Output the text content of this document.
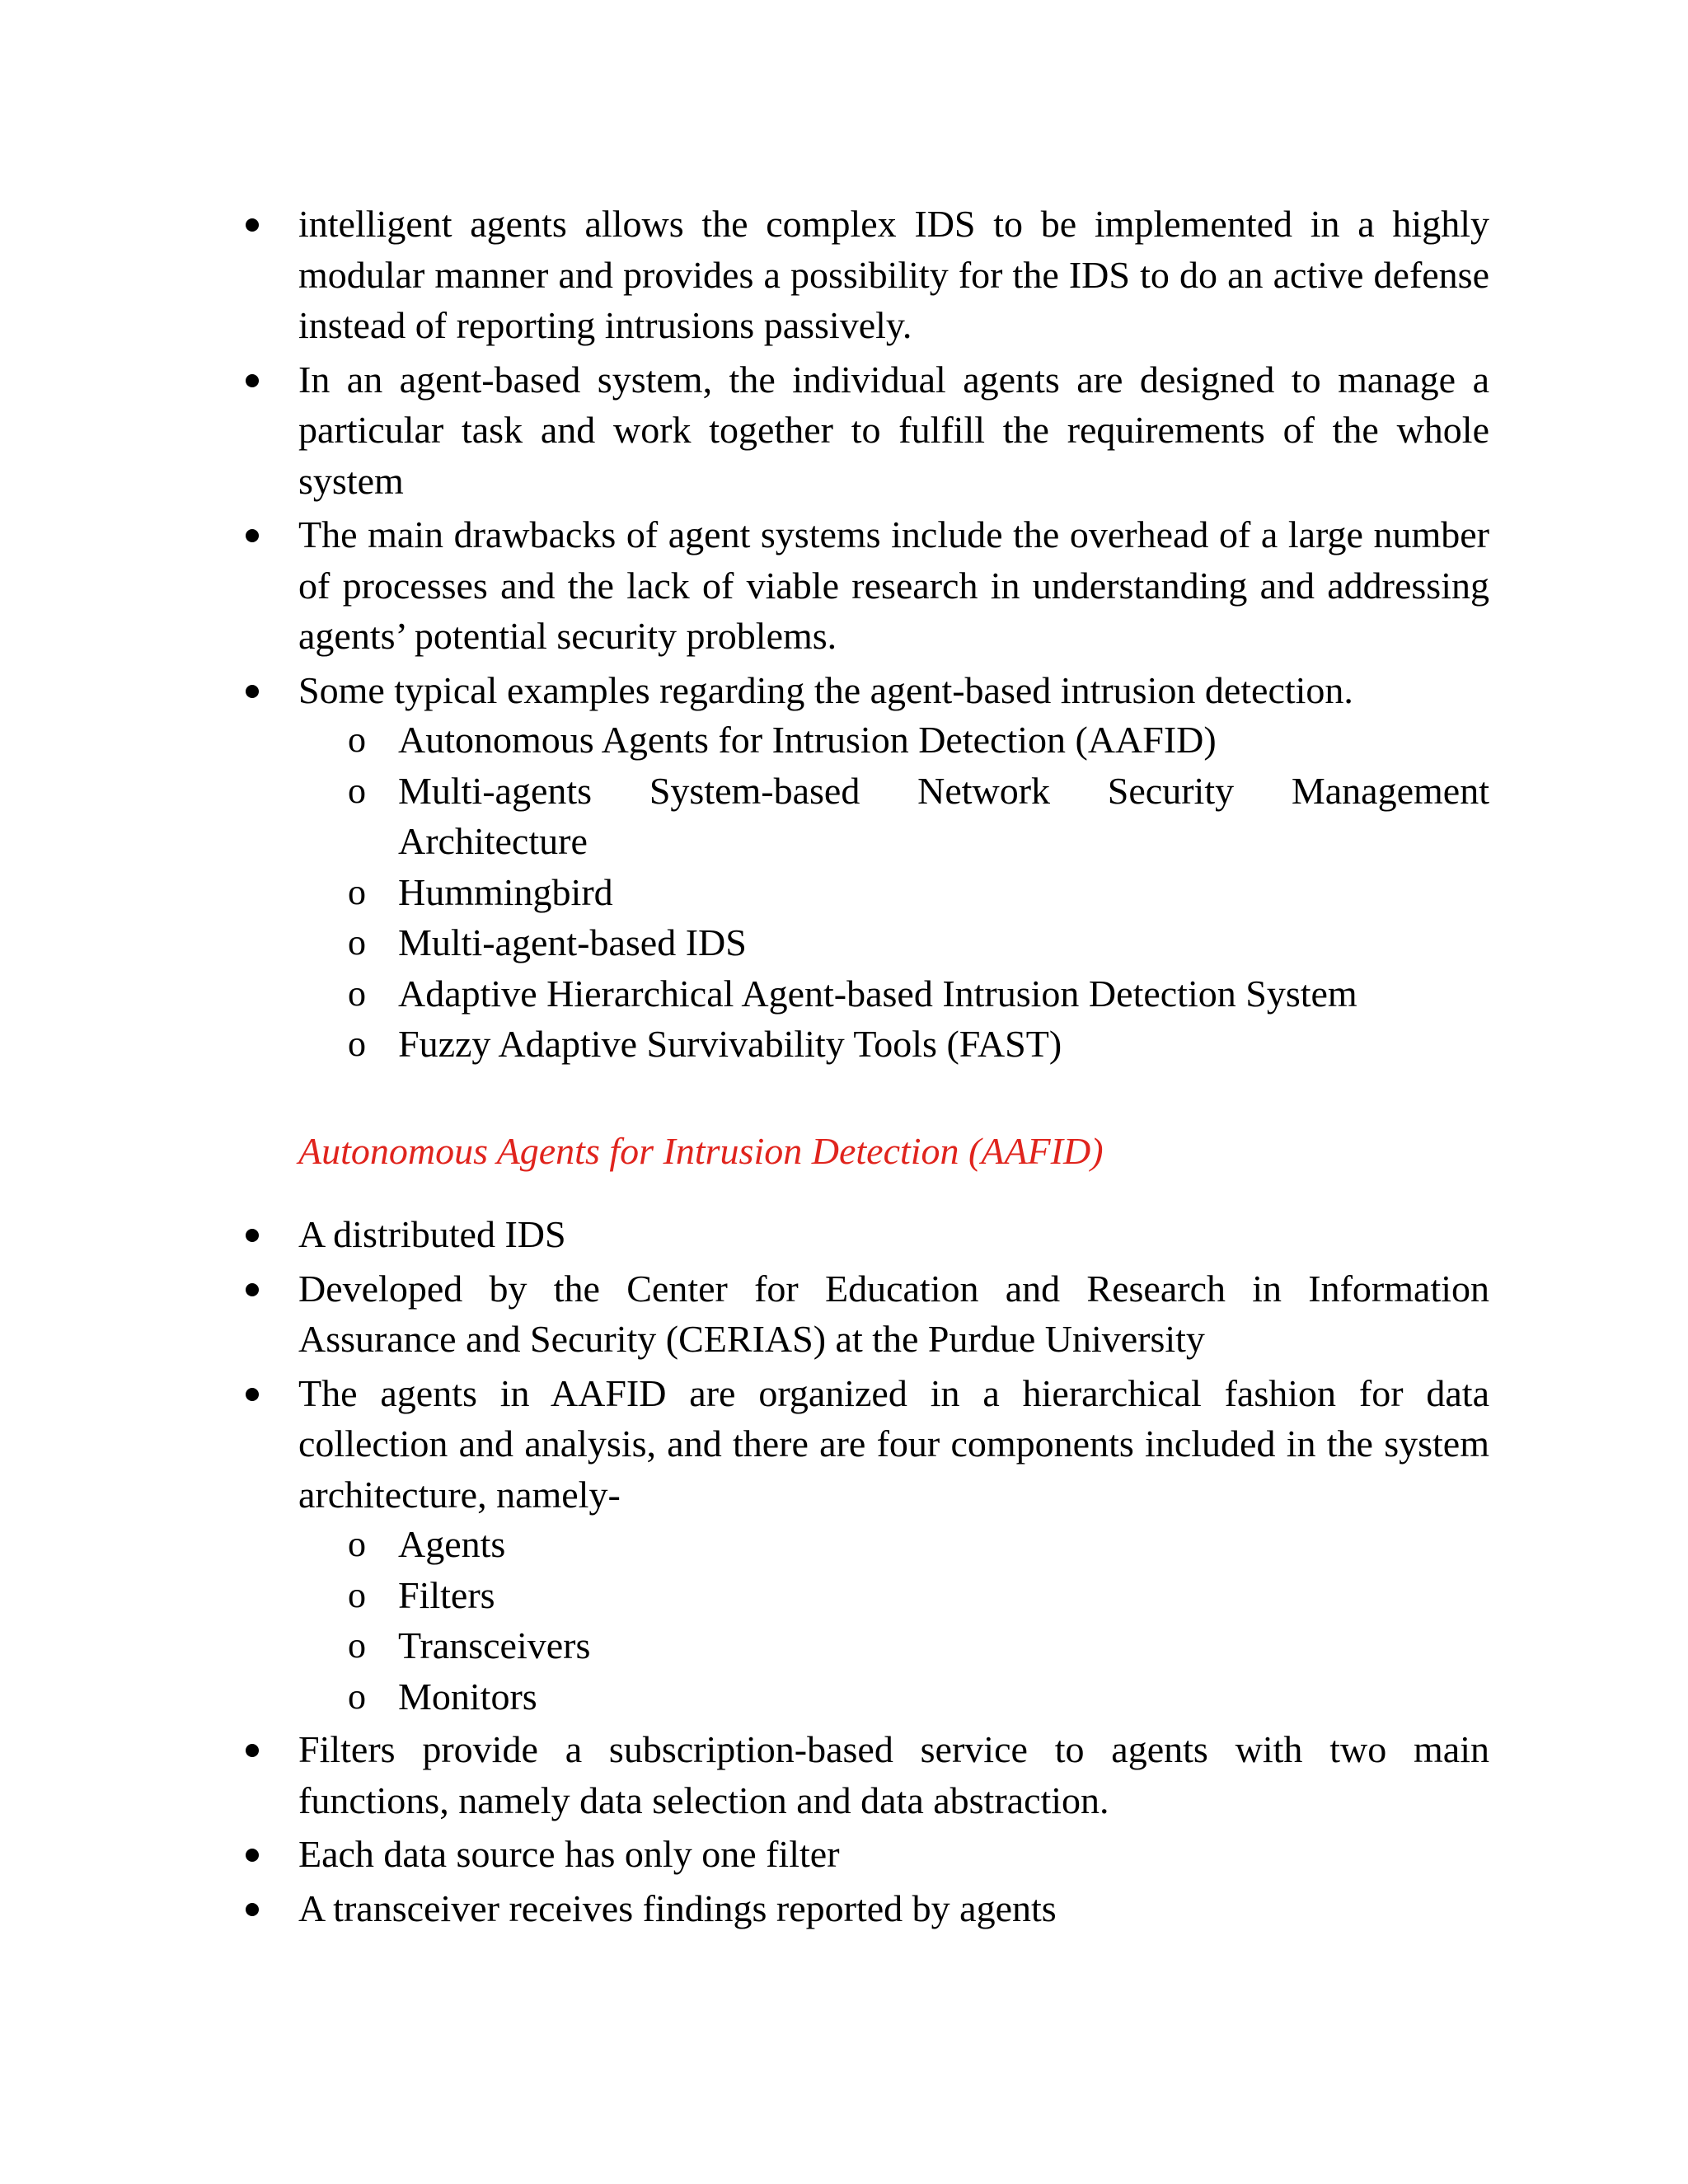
intelligent agents allows the complex IDS to be implemented in a highly modular manner and provides a possibility for the IDS to do an active defense instead of reporting intrusions passively.
In an agent-based system, the individual agents are designed to manage a particular task and work together to fulfill the requirements of the whole system
The main drawbacks of agent systems include the overhead of a large number of processes and the lack of viable research in understanding and addressing agents’ potential security problems.
Some typical examples regarding the agent-based intrusion detection.
o Autonomous Agents for Intrusion Detection (AAFID)
o Multi-agents System-based Network Security Management
Architecture
o Hummingbird
o Multi-agent-based IDS
o Adaptive Hierarchical Agent-based Intrusion Detection System
o Fuzzy Adaptive Survivability Tools (FAST)
Autonomous Agents for Intrusion Detection (AAFID)
A distributed IDS
Developed by the Center for Education and Research in Information Assurance and Security (CERIAS) at the Purdue University
The agents in AAFID are organized in a hierarchical fashion for data collection and analysis, and there are four components included in the system architecture, namely-
o Agents
o Filters
o Transceivers
o Monitors
Filters provide a subscription-based service to agents with two main functions, namely data selection and data abstraction.
Each data source has only one filter
A transceiver receives findings reported by agents
